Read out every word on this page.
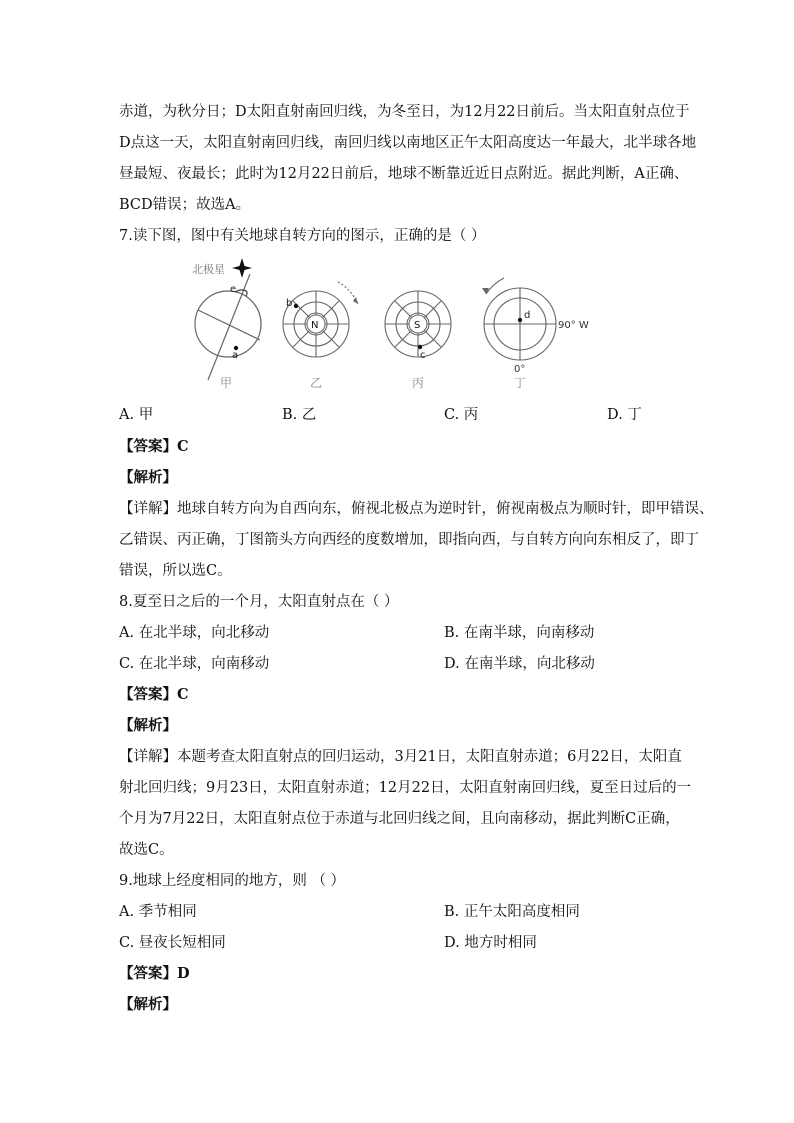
赤道，为秋分日；D太阳直射南回归线，为冬至日，为12月22日前后。当太阳直射点位于
D点这一天，太阳直射南回归线，南回归线以南地区正午太阳高度达一年最大，北半球各地
昼最短、夜最长；此时为12月22日前后，地球不断靠近近日点附近。据此判断，A正确、
BCD错误；故选A。
7.读下图，图中有关地球自转方向的图示，正确的是（ ）
a
e
北极星
甲
N
b
乙
S
c
丙
d
90° W
0°
丁
A. 甲	B. 乙	C. 丙	D. 丁
【答案】C
【解析】
【详解】地球自转方向为自西向东，俯视北极点为逆时针，俯视南极点为顺时针，即甲错误、
乙错误、丙正确，丁图箭头方向西经的度数增加，即指向西，与自转方向向东相反了，即丁
错误，所以选C。
8.夏至日之后的一个月，太阳直射点在（ ）
A. 在北半球，向北移动	B. 在南半球，向南移动
C. 在北半球，向南移动	D. 在南半球，向北移动
【答案】C
【解析】
【详解】本题考查太阳直射点的回归运动，3月21日，太阳直射赤道；6月22日，太阳直
射北回归线；9月23日，太阳直射赤道；12月22日，太阳直射南回归线，夏至日过后的一
个月为7月22日，太阳直射点位于赤道与北回归线之间，且向南移动，据此判断C正确，
故选C。
9.地球上经度相同的地方，则 （ ）
A. 季节相同	B. 正午太阳高度相同
C. 昼夜长短相同	D. 地方时相同
【答案】D
【解析】
